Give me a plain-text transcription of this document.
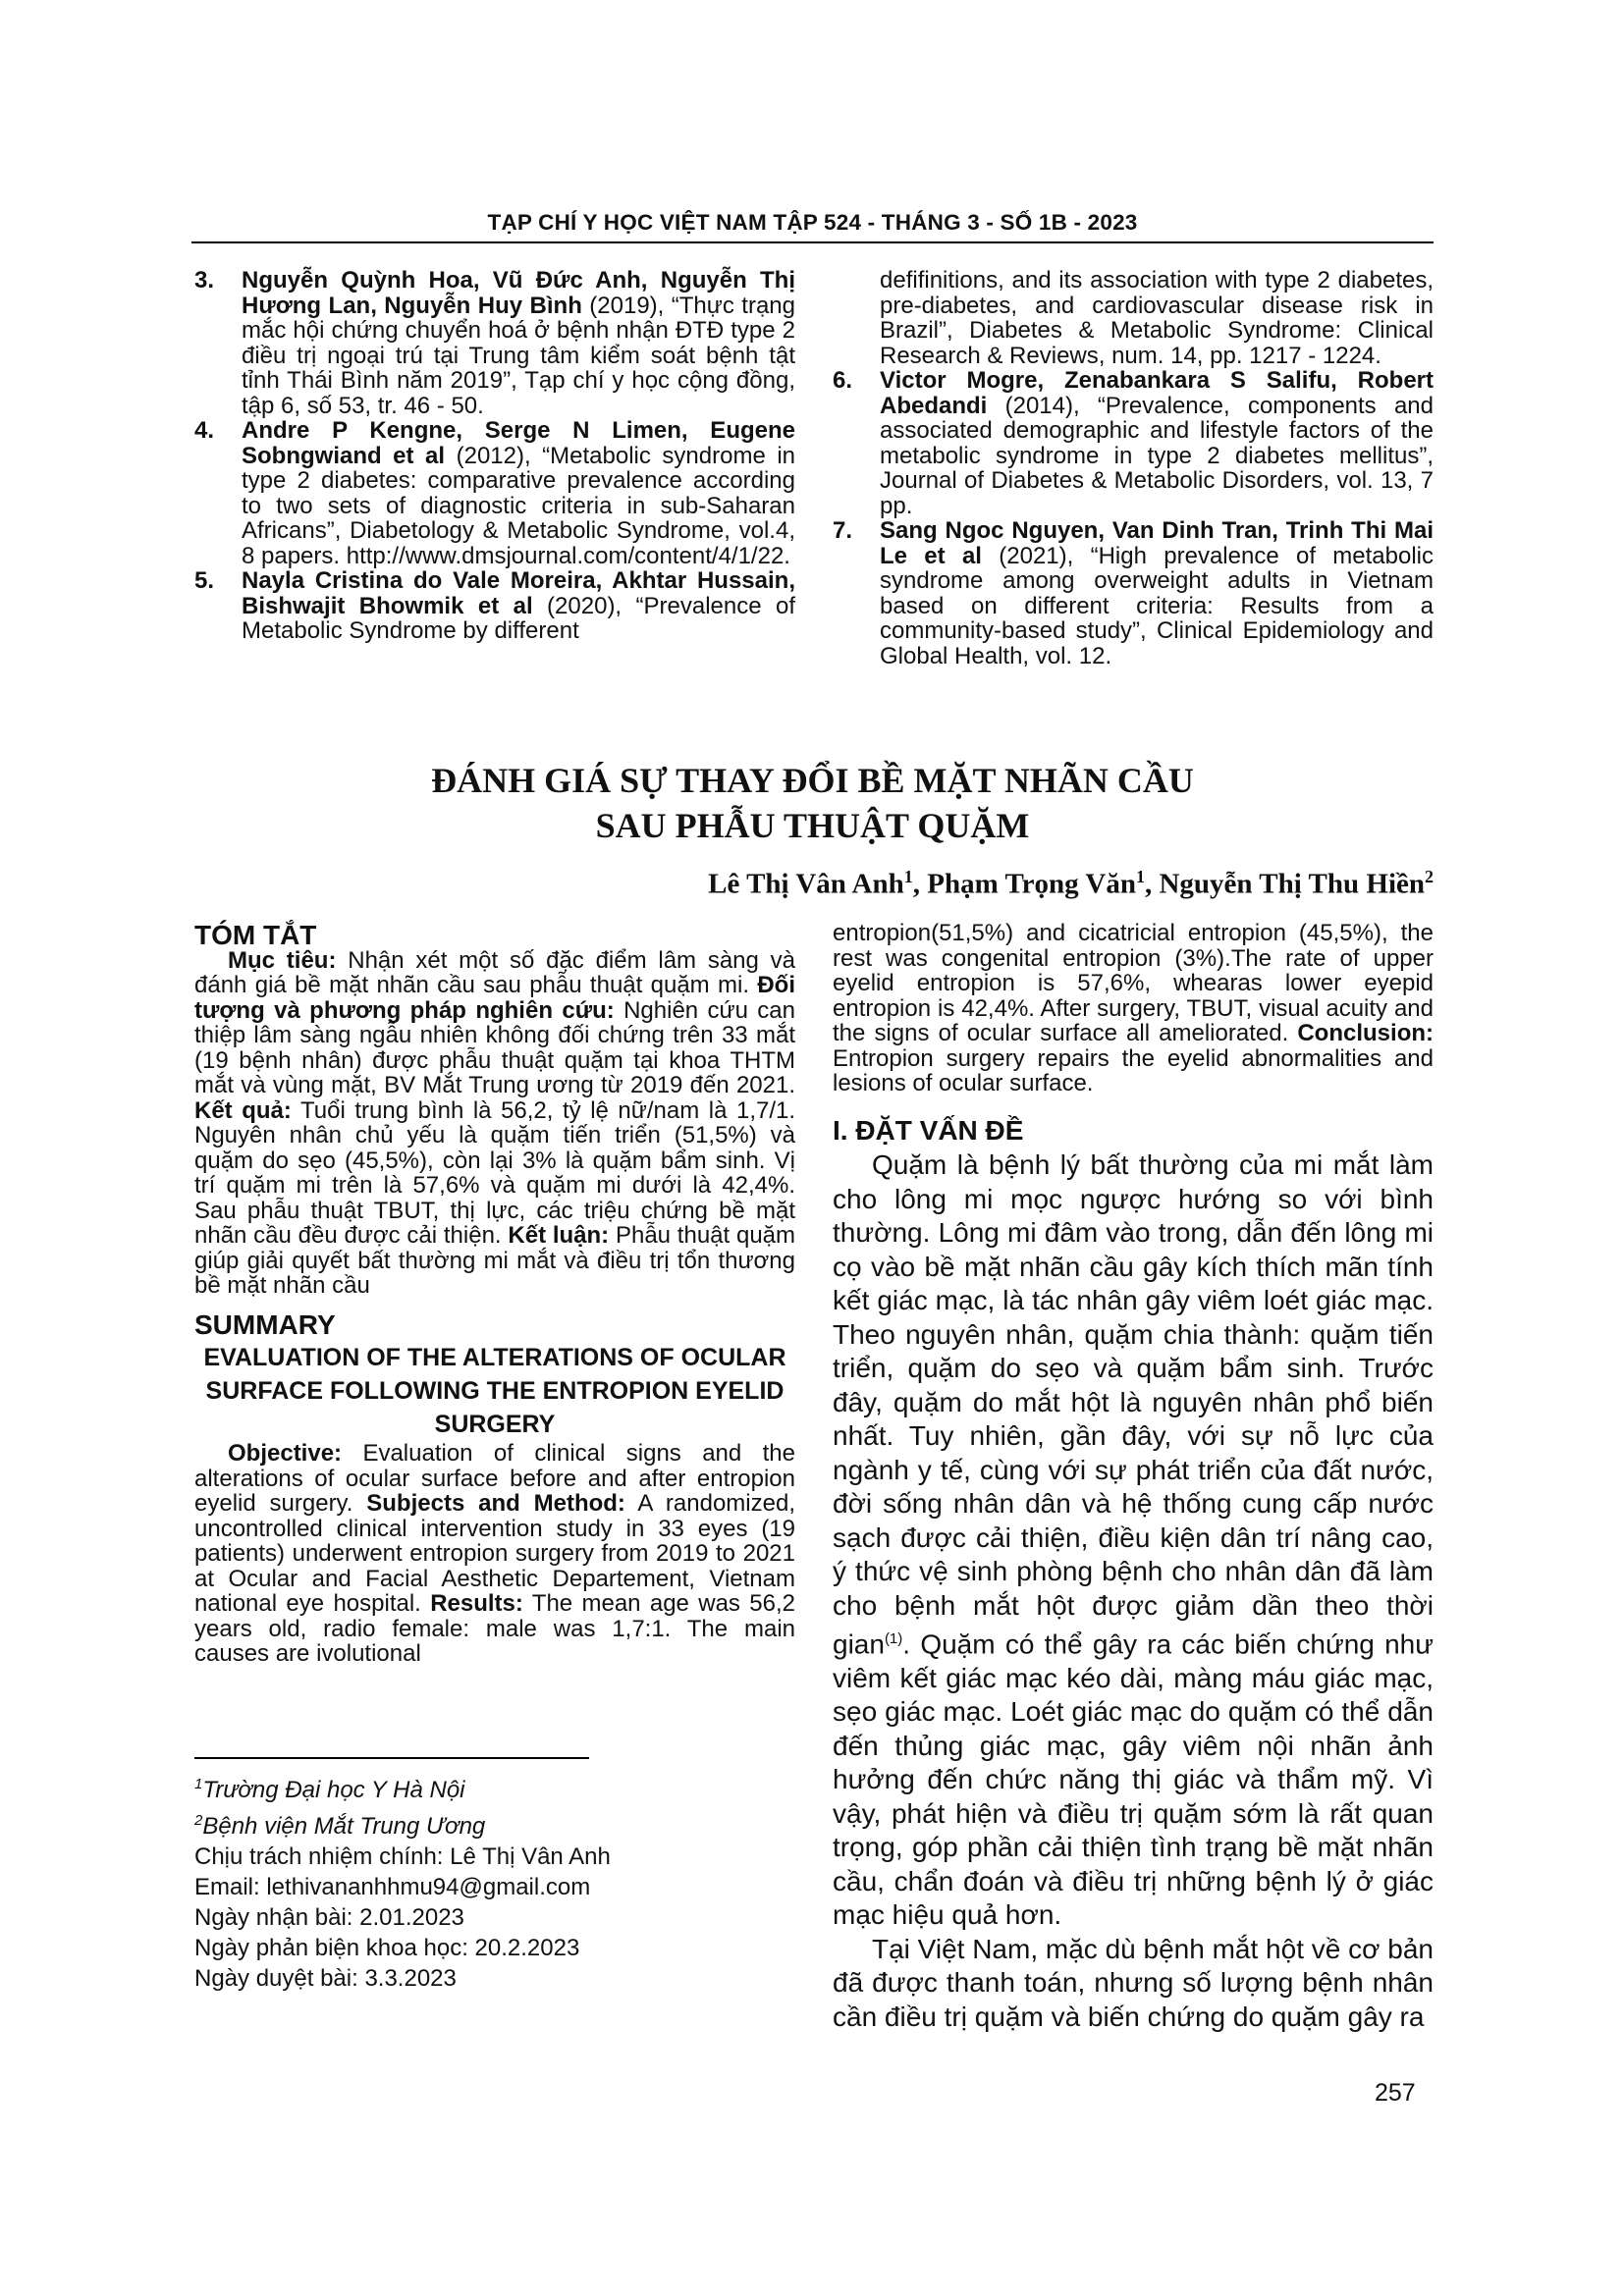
TẠP CHÍ Y HỌC VIỆT NAM TẬP 524 - THÁNG 3 - SỐ 1B - 2023

3. Nguyễn Quỳnh Hoa, Vũ Đức Anh, Nguyễn Thị Hương Lan, Nguyễn Huy Bình (2019), “Thực trạng mắc hội chứng chuyển hoá ở bệnh nhận ĐTĐ type 2 điều trị ngoại trú tại Trung tâm kiểm soát bệnh tật tỉnh Thái Bình năm 2019”, Tạp chí y học cộng đồng, tập 6, số 53, tr. 46 - 50.

4. Andre P Kengne, Serge N Limen, Eugene Sobngwiand et al (2012), “Metabolic syndrome in type 2 diabetes: comparative prevalence according to two sets of diagnostic criteria in sub-Saharan Africans”, Diabetology & Metabolic Syndrome, vol.4, 8 papers. http://www.dmsjournal.com/content/4/1/22.

5. Nayla Cristina do Vale Moreira, Akhtar Hussain, Bishwajit Bhowmik et al (2020), “Prevalence of Metabolic Syndrome by different

defifinitions, and its association with type 2 diabetes, pre-diabetes, and cardiovascular disease risk in Brazil”, Diabetes & Metabolic Syndrome: Clinical Research & Reviews, num. 14, pp. 1217 - 1224.

6. Victor Mogre, Zenabankara S Salifu, Robert Abedandi (2014), “Prevalence, components and associated demographic and lifestyle factors of the metabolic syndrome in type 2 diabetes mellitus”, Journal of Diabetes & Metabolic Disorders, vol. 13, 7 pp.

7. Sang Ngoc Nguyen, Van Dinh Tran, Trinh Thi Mai Le et al (2021), “High prevalence of metabolic syndrome among overweight adults in Vietnam based on different criteria: Results from a community-based study”, Clinical Epidemiology and Global Health, vol. 12.

ĐÁNH GIÁ SỰ THAY ĐỔI BỀ MẶT NHÃN CẦU
SAU PHẪU THUẬT QUẶM
Lê Thị Vân Anh$^1$, Phạm Trọng Văn$^1$, Nguyễn Thị Thu Hiền$^2$

TÓM TẮT

Mục tiêu: Nhận xét một số đặc điểm lâm sàng và đánh giá bề mặt nhãn cầu sau phẫu thuật quặm mi. Đối tượng và phương pháp nghiên cứu: Nghiên cứu can thiệp lâm sàng ngẫu nhiên không đối chứng trên 33 mắt (19 bệnh nhân) được phẫu thuật quặm tại khoa THTM mắt và vùng mặt, BV Mắt Trung ương từ 2019 đến 2021. Kết quả: Tuổi trung bình là 56,2, tỷ lệ nữ/nam là 1,7/1. Nguyên nhân chủ yếu là quặm tiến triển (51,5%) và quặm do sẹo (45,5%), còn lại 3% là quặm bẩm sinh. Vị trí quặm mi trên là 57,6% và quặm mi dưới là 42,4%. Sau phẫu thuật TBUT, thị lực, các triệu chứng bề mặt nhãn cầu đều được cải thiện. Kết luận: Phẫu thuật quặm giúp giải quyết bất thường mi mắt và điều trị tổn thương bề mặt nhãn cầu

SUMMARY

EVALUATION OF THE ALTERATIONS OF OCULAR SURFACE FOLLOWING THE ENTROPION EYELID SURGERY

Objective: Evaluation of clinical signs and the alterations of ocular surface before and after entropion eyelid surgery. Subjects and Method: A randomized, uncontrolled clinical intervention study in 33 eyes (19 patients) underwent entropion surgery from 2019 to 2021 at Ocular and Facial Aesthetic Departement, Vietnam national eye hospital. Results: The mean age was 56,2 years old, radio female: male was 1,7:1. The main causes are ivolutional

entropion(51,5%) and cicatricial entropion (45,5%), the rest was congenital entropion (3%).The rate of upper eyelid entropion is 57,6%, whearas lower eyepid entropion is 42,4%. After surgery, TBUT, visual acuity and the signs of ocular surface all ameliorated. Conclusion: Entropion surgery repairs the eyelid abnormalities and lesions of ocular surface.

I. ĐẶT VẤN ĐỀ

Quặm là bệnh lý bất thường của mi mắt làm cho lông mi mọc ngược hướng so với bình thường. Lông mi đâm vào trong, dẫn đến lông mi cọ vào bề mặt nhãn cầu gây kích thích mãn tính kết giác mạc, là tác nhân gây viêm loét giác mạc. Theo nguyên nhân, quặm chia thành: quặm tiến triển, quặm do sẹo và quặm bẩm sinh. Trước đây, quặm do mắt hột là nguyên nhân phổ biến nhất. Tuy nhiên, gần đây, với sự nỗ lực của ngành y tế, cùng với sự phát triển của đất nước, đời sống nhân dân và hệ thống cung cấp nước sạch được cải thiện, điều kiện dân trí nâng cao, ý thức vệ sinh phòng bệnh cho nhân dân đã làm cho bệnh mắt hột được giảm dần theo thời gian$^{(1)}$. Quặm có thể gây ra các biến chứng như viêm kết giác mạc kéo dài, màng máu giác mạc, sẹo giác mạc. Loét giác mạc do quặm có thể dẫn đến thủng giác mạc, gây viêm nội nhãn ảnh hưởng đến chức năng thị giác và thẩm mỹ. Vì vậy, phát hiện và điều trị quặm sớm là rất quan trọng, góp phần cải thiện tình trạng bề mặt nhãn cầu, chẩn đoán và điều trị những bệnh lý ở giác mạc hiệu quả hơn.

Tại Việt Nam, mặc dù bệnh mắt hột về cơ bản đã được thanh toán, nhưng số lượng bệnh nhân cần điều trị quặm và biến chứng do quặm gây ra

$^1$Trường Đại học Y Hà Nội
$^2$Bệnh viện Mắt Trung Ương
Chịu trách nhiệm chính: Lê Thị Vân Anh
Email: lethivananhhmu94@gmail.com
Ngày nhận bài: 2.01.2023
Ngày phản biện khoa học: 20.2.2023
Ngày duyệt bài: 3.3.2023
257
